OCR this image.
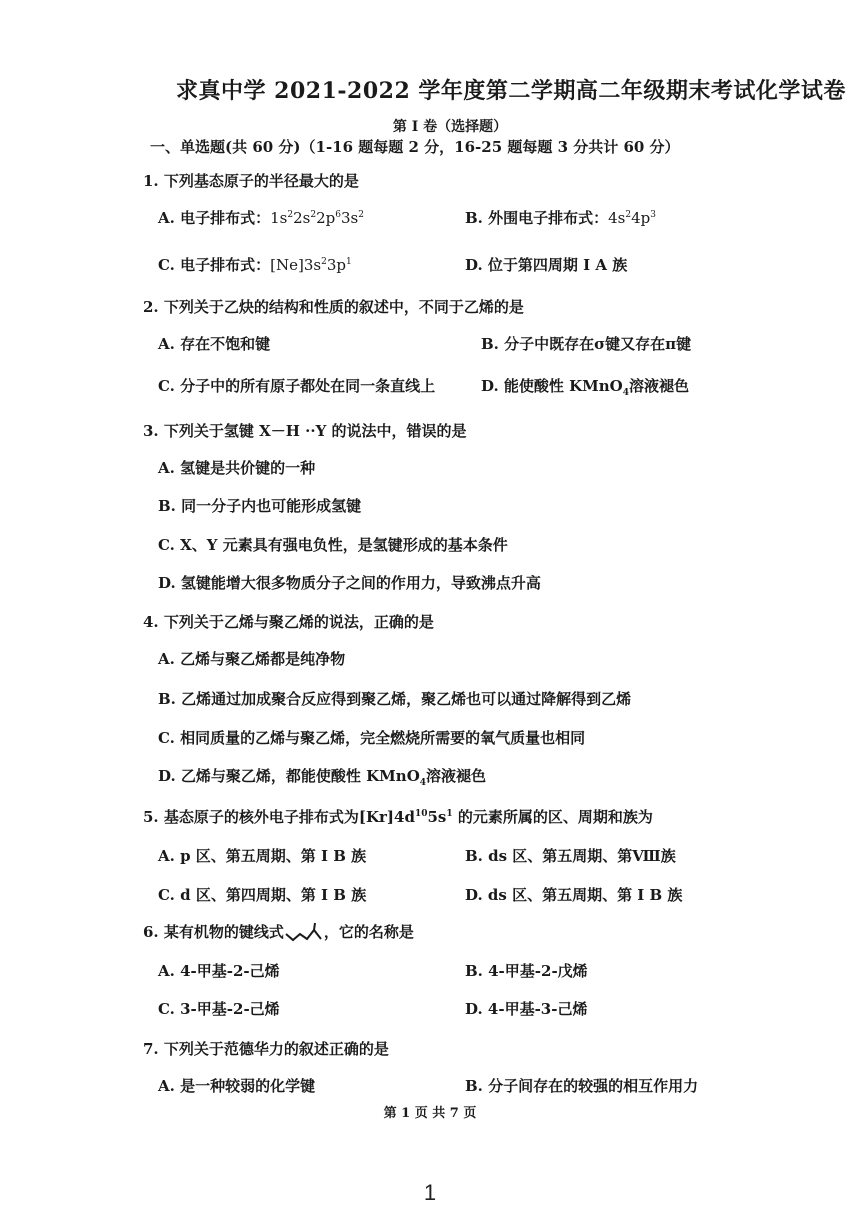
求真中学 2021-2022 学年度第二学期高二年级期末考试化学试卷
第 I 卷（选择题）
一、单选题(共 60 分)（1-16 题每题 2 分，16-25 题每题 3 分共计 60 分）
1. 下列基态原子的半径最大的是
A. 电子排布式：$1s^22s^22p^63s^2$	B. 外围电子排布式：$4s^24p^3$
C. 电子排布式：$[Ne]3s^23p^1$	D. 位于第四周期 I A 族
2. 下列关于乙炔的结构和性质的叙述中，不同于乙烯的是
A. 存在不饱和键	B. 分子中既存在σ键又存在π键
C. 分子中的所有原子都处在同一条直线上	D. 能使酸性 KMnO$_4$溶液褪色
3. 下列关于氢键 X－H ··Y 的说法中，错误的是
A. 氢键是共价键的一种
B. 同一分子内也可能形成氢键
C. X、Y 元素具有强电负性，是氢键形成的基本条件
D. 氢键能增大很多物质分子之间的作用力，导致沸点升高
4. 下列关于乙烯与聚乙烯的说法，正确的是
A. 乙烯与聚乙烯都是纯净物
B. 乙烯通过加成聚合反应得到聚乙烯，聚乙烯也可以通过降解得到乙烯
C. 相同质量的乙烯与聚乙烯，完全燃烧所需要的氧气质量也相同
D. 乙烯与聚乙烯，都能使酸性 KMnO$_4$溶液褪色
5. 基态原子的核外电子排布式为$[Kr]4d^{10}5s^1$ 的元素所属的区、周期和族为
A. p 区、第五周期、第 I B 族	B. ds 区、第五周期、第Ⅷ族
C. d 区、第四周期、第 I B 族	D. ds 区、第五周期、第 I B 族
6. 某有机物的键线式	，它的名称是
A. 4-甲基-2-己烯	B. 4-甲基-2-戊烯
C. 3-甲基-2-己烯	D. 4-甲基-3-己烯
7. 下列关于范德华力的叙述正确的是
A. 是一种较弱的化学键	B. 分子间存在的较强的相互作用力
第 1 页 共 7 页
1
